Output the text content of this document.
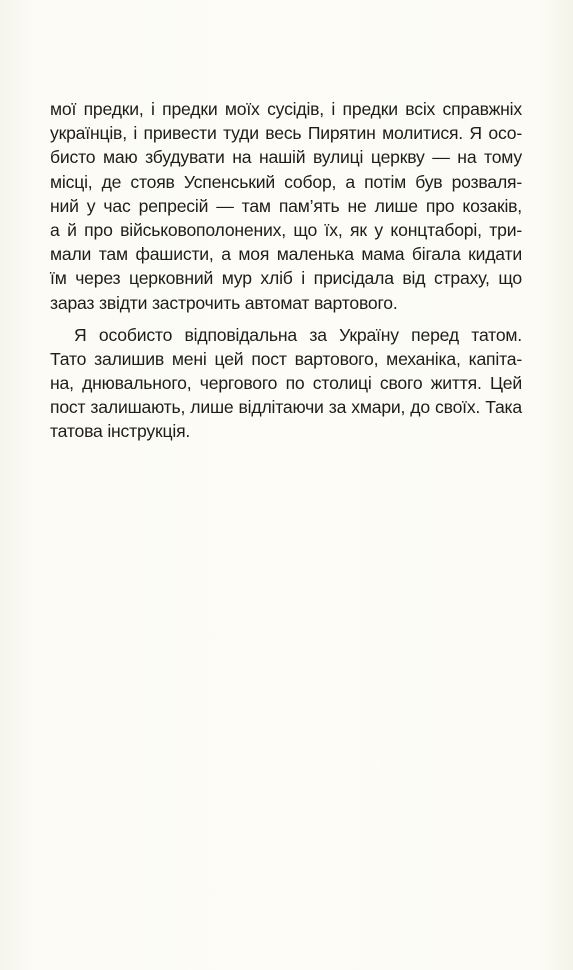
мої предки, і предки моїх сусідів, і предки всіх справжніх
українців, і привести туди весь Пирятин молитися. Я осо-
бисто маю збудувати на нашій вулиці церкву — на тому
місці, де стояв Успенський собор, а потім був розваля-
ний у час репресій — там пам’ять не лише про козаків,
а й про військовополонених, що їх, як у концтаборі, три-
мали там фашисти, а моя маленька мама бігала кидати
їм через церковний мур хліб і присідала від страху, що
зараз звідти застрочить автомат вартового.
Я особисто відповідальна за Україну перед татом.
Тато залишив мені цей пост вартового, механіка, капіта-
на, днювального, чергового по столиці свого життя. Цей
пост залишають, лише відлітаючи за хмари, до своїх. Така
татова інструкція.
